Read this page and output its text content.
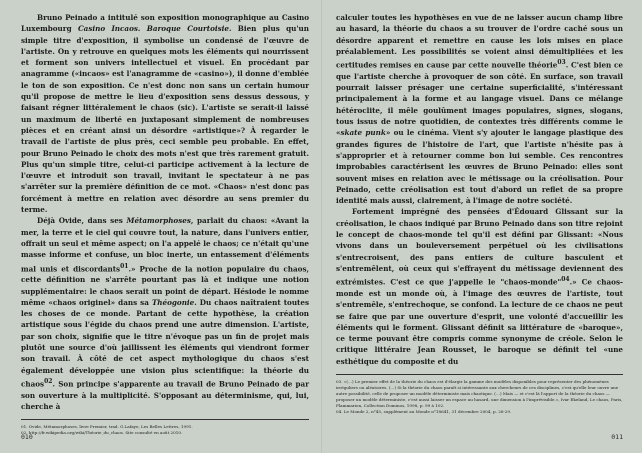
Bruno Peinado a intitulé son exposition monographique au Casino Luxembourg Casino Incaos. Baroque Courtoisie. Bien plus qu'un simple titre d'exposition, il symbolise un condensé de l'œuvre de l'artiste. On y retrouve en quelques mots les éléments qui nourrissent et forment son univers intellectuel et visuel. En procédant par anagramme («incaos» est l'anagramme de «casino»), il donne d'emblée le ton de son exposition. Ce n'est donc non sans un certain humour qu'il propose de mettre le lieu d'exposition sens dessus dessous, y faisant régner littéralement le chaos (sic). L'artiste se serait-il laissé un maximum de liberté en juxtaposant simplement de nombreuses pièces et en créant ainsi un désordre «artistique»? À regarder le travail de l'artiste de plus près, ceci semble peu probable. En effet, pour Bruno Peinado le choix des mots n'est que très rarement gratuit. Plus qu'un simple titre, celui-ci participe activement à la lecture de l'œuvre et introduit son travail, invitant le spectateur à ne pas s'arrêter sur la première définition de ce mot. «Chaos» n'est donc pas forcément à mettre en relation avec désordre au sens premier du terme.

Déjà Ovide, dans ses Métamorphoses, parlait du chaos: «Avant la mer, la terre et le ciel qui couvre tout, la nature, dans l'univers entier, offrait un seul et même aspect; on l'a appelé le chaos; ce n'était qu'une masse informe et confuse, un bloc inerte, un entassement d'éléments mal unis et discordants$^{01}$.» Proche de la notion populaire du chaos, cette définition ne s'arrête pourtant pas là et indique une notion supplémentaire: le chaos serait un point de départ. Hésiode le nomme même «chaos originel» dans sa Théogonie. Du chaos naîtraient toutes les choses de ce monde. Partant de cette hypothèse, la création artistique sous l'égide du chaos prend une autre dimension. L'artiste, par son choix, signifie que le titre n'évoque pas un fin de projet mais plutôt une source d'où jaillissent les éléments qui viendront former son travail. À côté de cet aspect mythologique du chaos s'est également développée une vision plus scientifique: la théorie du chaos$^{02}$. Son principe s'apparente au travail de Bruno Peinado de par son ouverture à la multiplicité. S'opposant au déterminisme, qui, lui, cherche à

01. Ovide, Métamorphoses, livre Premier, trad. G.Lafaye, Les Belles Lettres, 1991.

02. http://fr.wikipedia.org/wiki/Théorie_du_chaos. Site consulté en août 2010.

010

calculer toutes les hypothèses en vue de ne laisser aucun champ libre au hasard, la théorie du chaos a su trouver de l'ordre caché sous un désordre apparent et remettre en cause les lois mises en place préalablement. Les possibilités se voient ainsi démultipliées et les certitudes remises en cause par cette nouvelle théorie$^{03}$. C'est bien ce que l'artiste cherche à provoquer de son côté. En surface, son travail pourrait laisser présager une certaine superficialité, s'intéressant principalement à la forme et au langage visuel. Dans ce mélange hétéroclite, il mêle goulûment images populaires, signes, slogans, tous issus de notre quotidien, de contextes très différents comme le «skate punk» ou le cinéma. Vient s'y ajouter le langage plastique des grandes figures de l'histoire de l'art, que l'artiste n'hésite pas à s'approprier et à retourner comme bon lui semble. Ces rencontres improbables caractérisent les œuvres de Bruno Peinado: elles sont souvent mises en relation avec le métissage ou la créolisation. Pour Peinado, cette créolisation est tout d'abord un reflet de sa propre identité mais aussi, clairement, à l'image de notre société.

Fortement imprégné des pensées d'Édouard Glissant sur la créolisation, le chaos indiqué par Bruno Peinado dans son titre rejoint le concept de chaos-monde tel qu'il est défini par Glissant: «Nous vivons dans un bouleversement perpétuel où les civilisations s'entrecroisent, des pans entiers de culture basculent et s'entremêlent, où ceux qui s'effrayent du métissage deviennent des extrémistes. C'est ce que j'appelle le "chaos-monde"$^{04}$.» Ce chaos-monde est un monde où, à l'image des œuvres de l'artiste, tout s'entremêle, s'entrechoque, se confond. La lecture de ce chaos ne peut se faire que par une ouverture d'esprit, une volonté d'accueillir les éléments qui le forment. Glissant définit sa littérature de «baroque», ce terme pouvant être compris comme synonyme de créole. Selon le critique littéraire Jean Rousset, le baroque se définit tel «une esthétique du composite et du

03. «(…) Le premier effet de la théorie du chaos est d'élargir la gamme des modèles disponibles pour représenter des phénomènes irréguliers ou aléatoires. (…) Si la théorie du chaos paraît si intéressante aux chercheurs de ces disciplines, c'est qu'elle leur ouvre une autre possibilité, celle de proposer un modèle déterministe mais chaotique. (…) Mais — et c'est là l'apport de la théorie du chaos — proposer un modèle déterministe, c'est aussi laisser un espace au hasard, une dimension à l'imprévisible.», Ivar Ekeland, Le chaos, Paris, Flammarion, Collection Dominos, 1998, p. 99 à 102.

04. Le Monde 2, n°45, supplément au Monde n°18641, 31 décembre 2004, p. 26-29.

011
